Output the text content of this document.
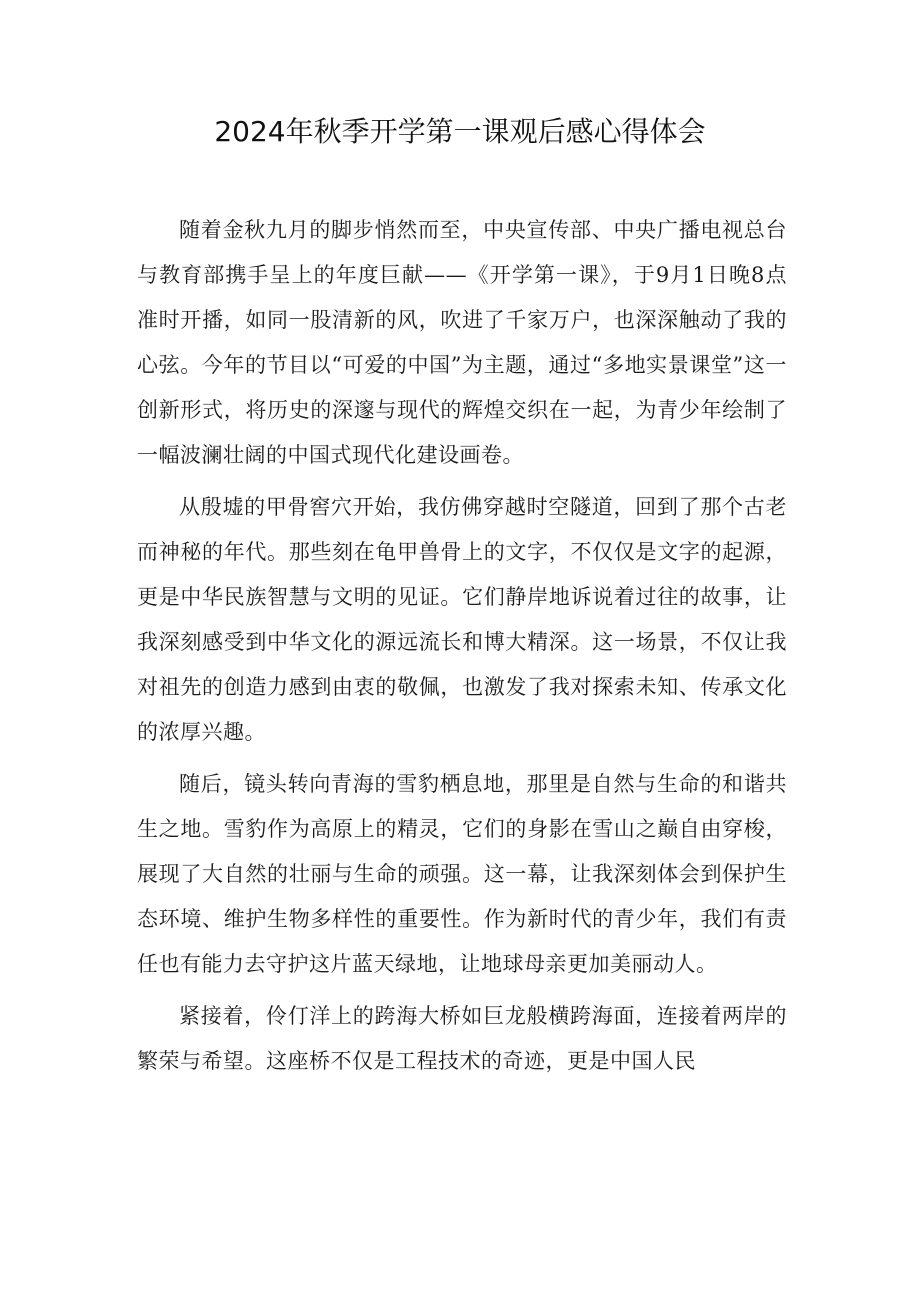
2024年秋季开学第一课观后感心得体会

随着金秋九月的脚步悄然而至，中央宣传部、中央广播电视总台与教育部携手呈上的年度巨献——《开学第一课》，于9月1日晚8点准时开播，如同一股清新的风，吹进了千家万户，也深深触动了我的心弦。今年的节目以“可爱的中国”为主题，通过“多地实景课堂”这一创新形式，将历史的深邃与现代的辉煌交织在一起，为青少年绘制了一幅波澜壮阔的中国式现代化建设画卷。

从殷墟的甲骨窖穴开始，我仿佛穿越时空隧道，回到了那个古老而神秘的年代。那些刻在龟甲兽骨上的文字，不仅仅是文字的起源，更是中华民族智慧与文明的见证。它们静岸地诉说着过往的故事，让我深刻感受到中华文化的源远流长和博大精深。这一场景，不仅让我对祖先的创造力感到由衷的敬佩，也激发了我对探索未知、传承文化的浓厚兴趣。

随后，镜头转向青海的雪豹栖息地，那里是自然与生命的和谐共生之地。雪豹作为高原上的精灵，它们的身影在雪山之巅自由穿梭，展现了大自然的壮丽与生命的顽强。这一幕，让我深刻体会到保护生态环境、维护生物多样性的重要性。作为新时代的青少年，我们有责任也有能力去守护这片蓝天绿地，让地球母亲更加美丽动人。

紧接着，伶仃洋上的跨海大桥如巨龙般横跨海面，连接着两岸的繁荣与希望。这座桥不仅是工程技术的奇迹，更是中国人民
